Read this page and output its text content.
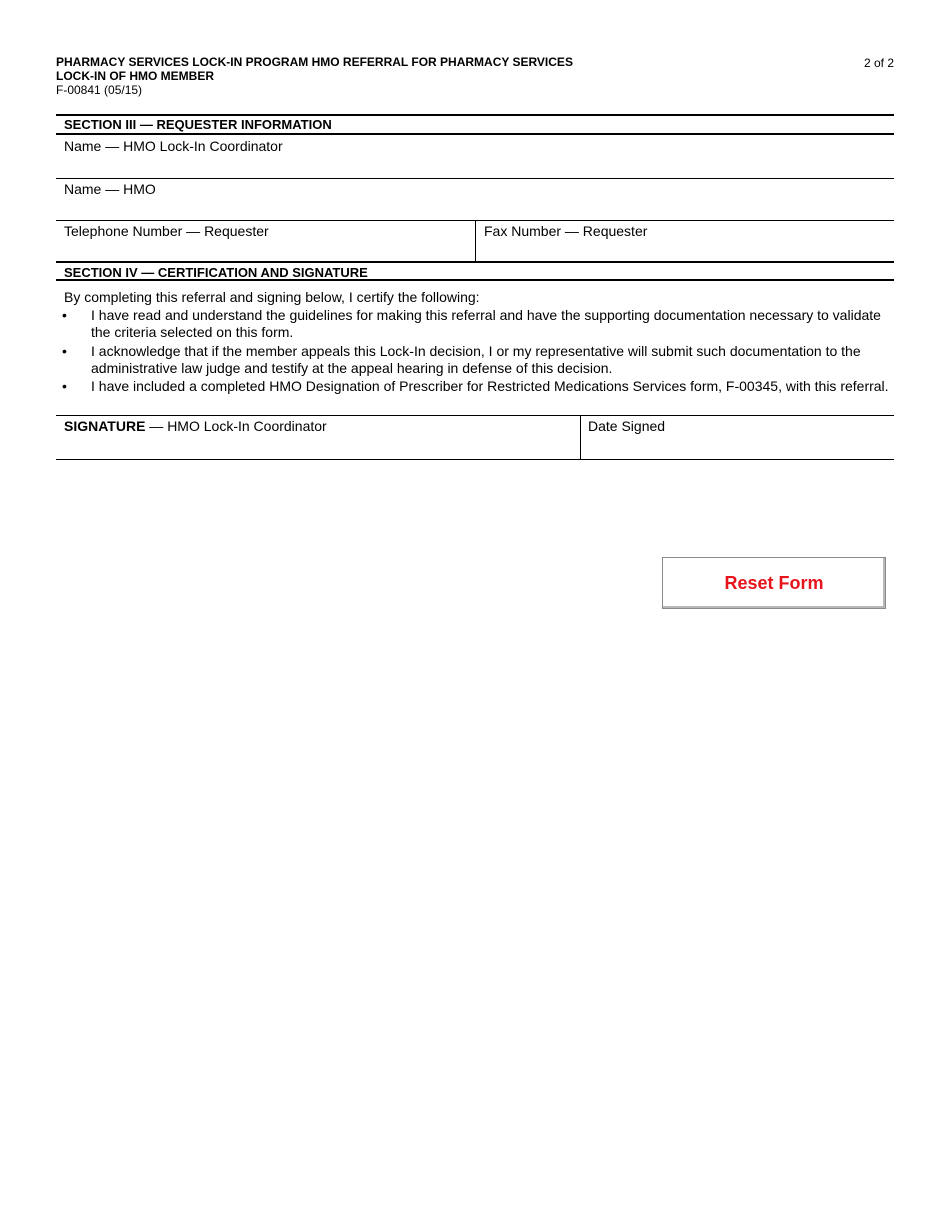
PHARMACY SERVICES LOCK-IN PROGRAM HMO REFERRAL FOR PHARMACY SERVICES
LOCK-IN OF HMO MEMBER
F-00841 (05/15)
2 of 2
SECTION III — REQUESTER INFORMATION
Name — HMO Lock-In Coordinator
Name — HMO
Telephone Number — Requester	Fax Number — Requester
SECTION IV — CERTIFICATION AND SIGNATURE
By completing this referral and signing below, I certify the following:
• I have read and understand the guidelines for making this referral and have the supporting documentation necessary to validate the criteria selected on this form.
• I acknowledge that if the member appeals this Lock-In decision, I or my representative will submit such documentation to the administrative law judge and testify at the appeal hearing in defense of this decision.
• I have included a completed HMO Designation of Prescriber for Restricted Medications Services form, F-00345, with this referral.
SIGNATURE — HMO Lock-In Coordinator	Date Signed
Reset Form
